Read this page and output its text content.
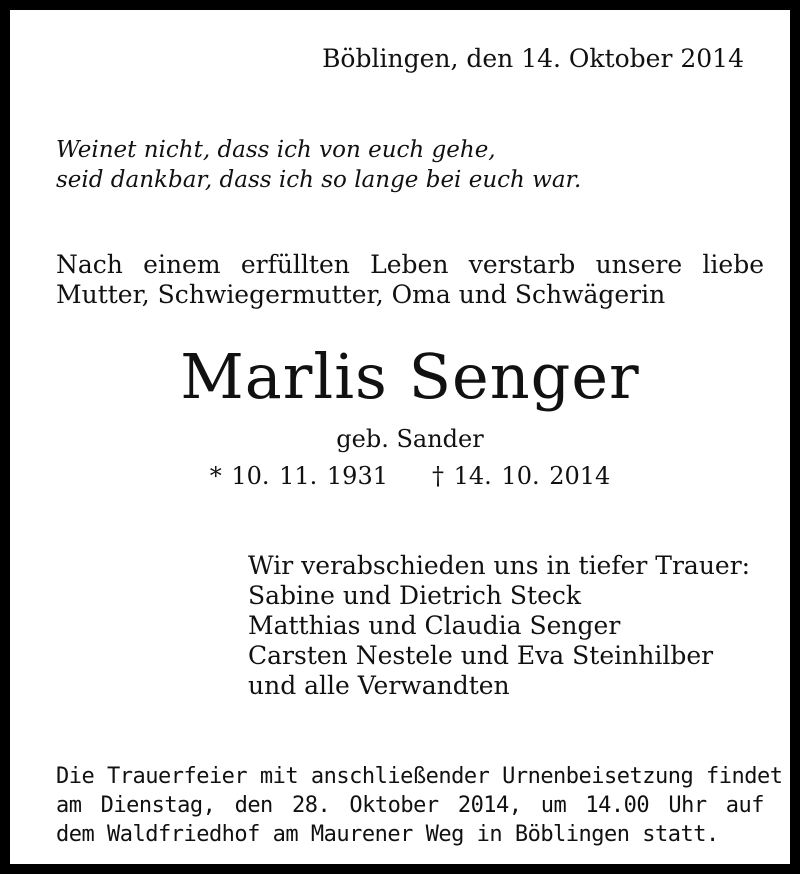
Böblingen, den 14. Oktober 2014
Weinet nicht, dass ich von euch gehe,
seid dankbar, dass ich so lange bei euch war.
Nach einem erfüllten Leben verstarb unsere liebe
Mutter, Schwiegermutter, Oma und Schwägerin
Marlis Senger
geb. Sander
* 10. 11. 1931 † 14. 10. 2014
Wir verabschieden uns in tiefer Trauer:
Sabine und Dietrich Steck
Matthias und Claudia Senger
Carsten Nestele und Eva Steinhilber
und alle Verwandten
Die Trauerfeier mit anschließender Urnenbeisetzung findet
am Dienstag, den 28. Oktober 2014, um 14.00 Uhr auf
dem Waldfriedhof am Maurener Weg in Böblingen statt.
